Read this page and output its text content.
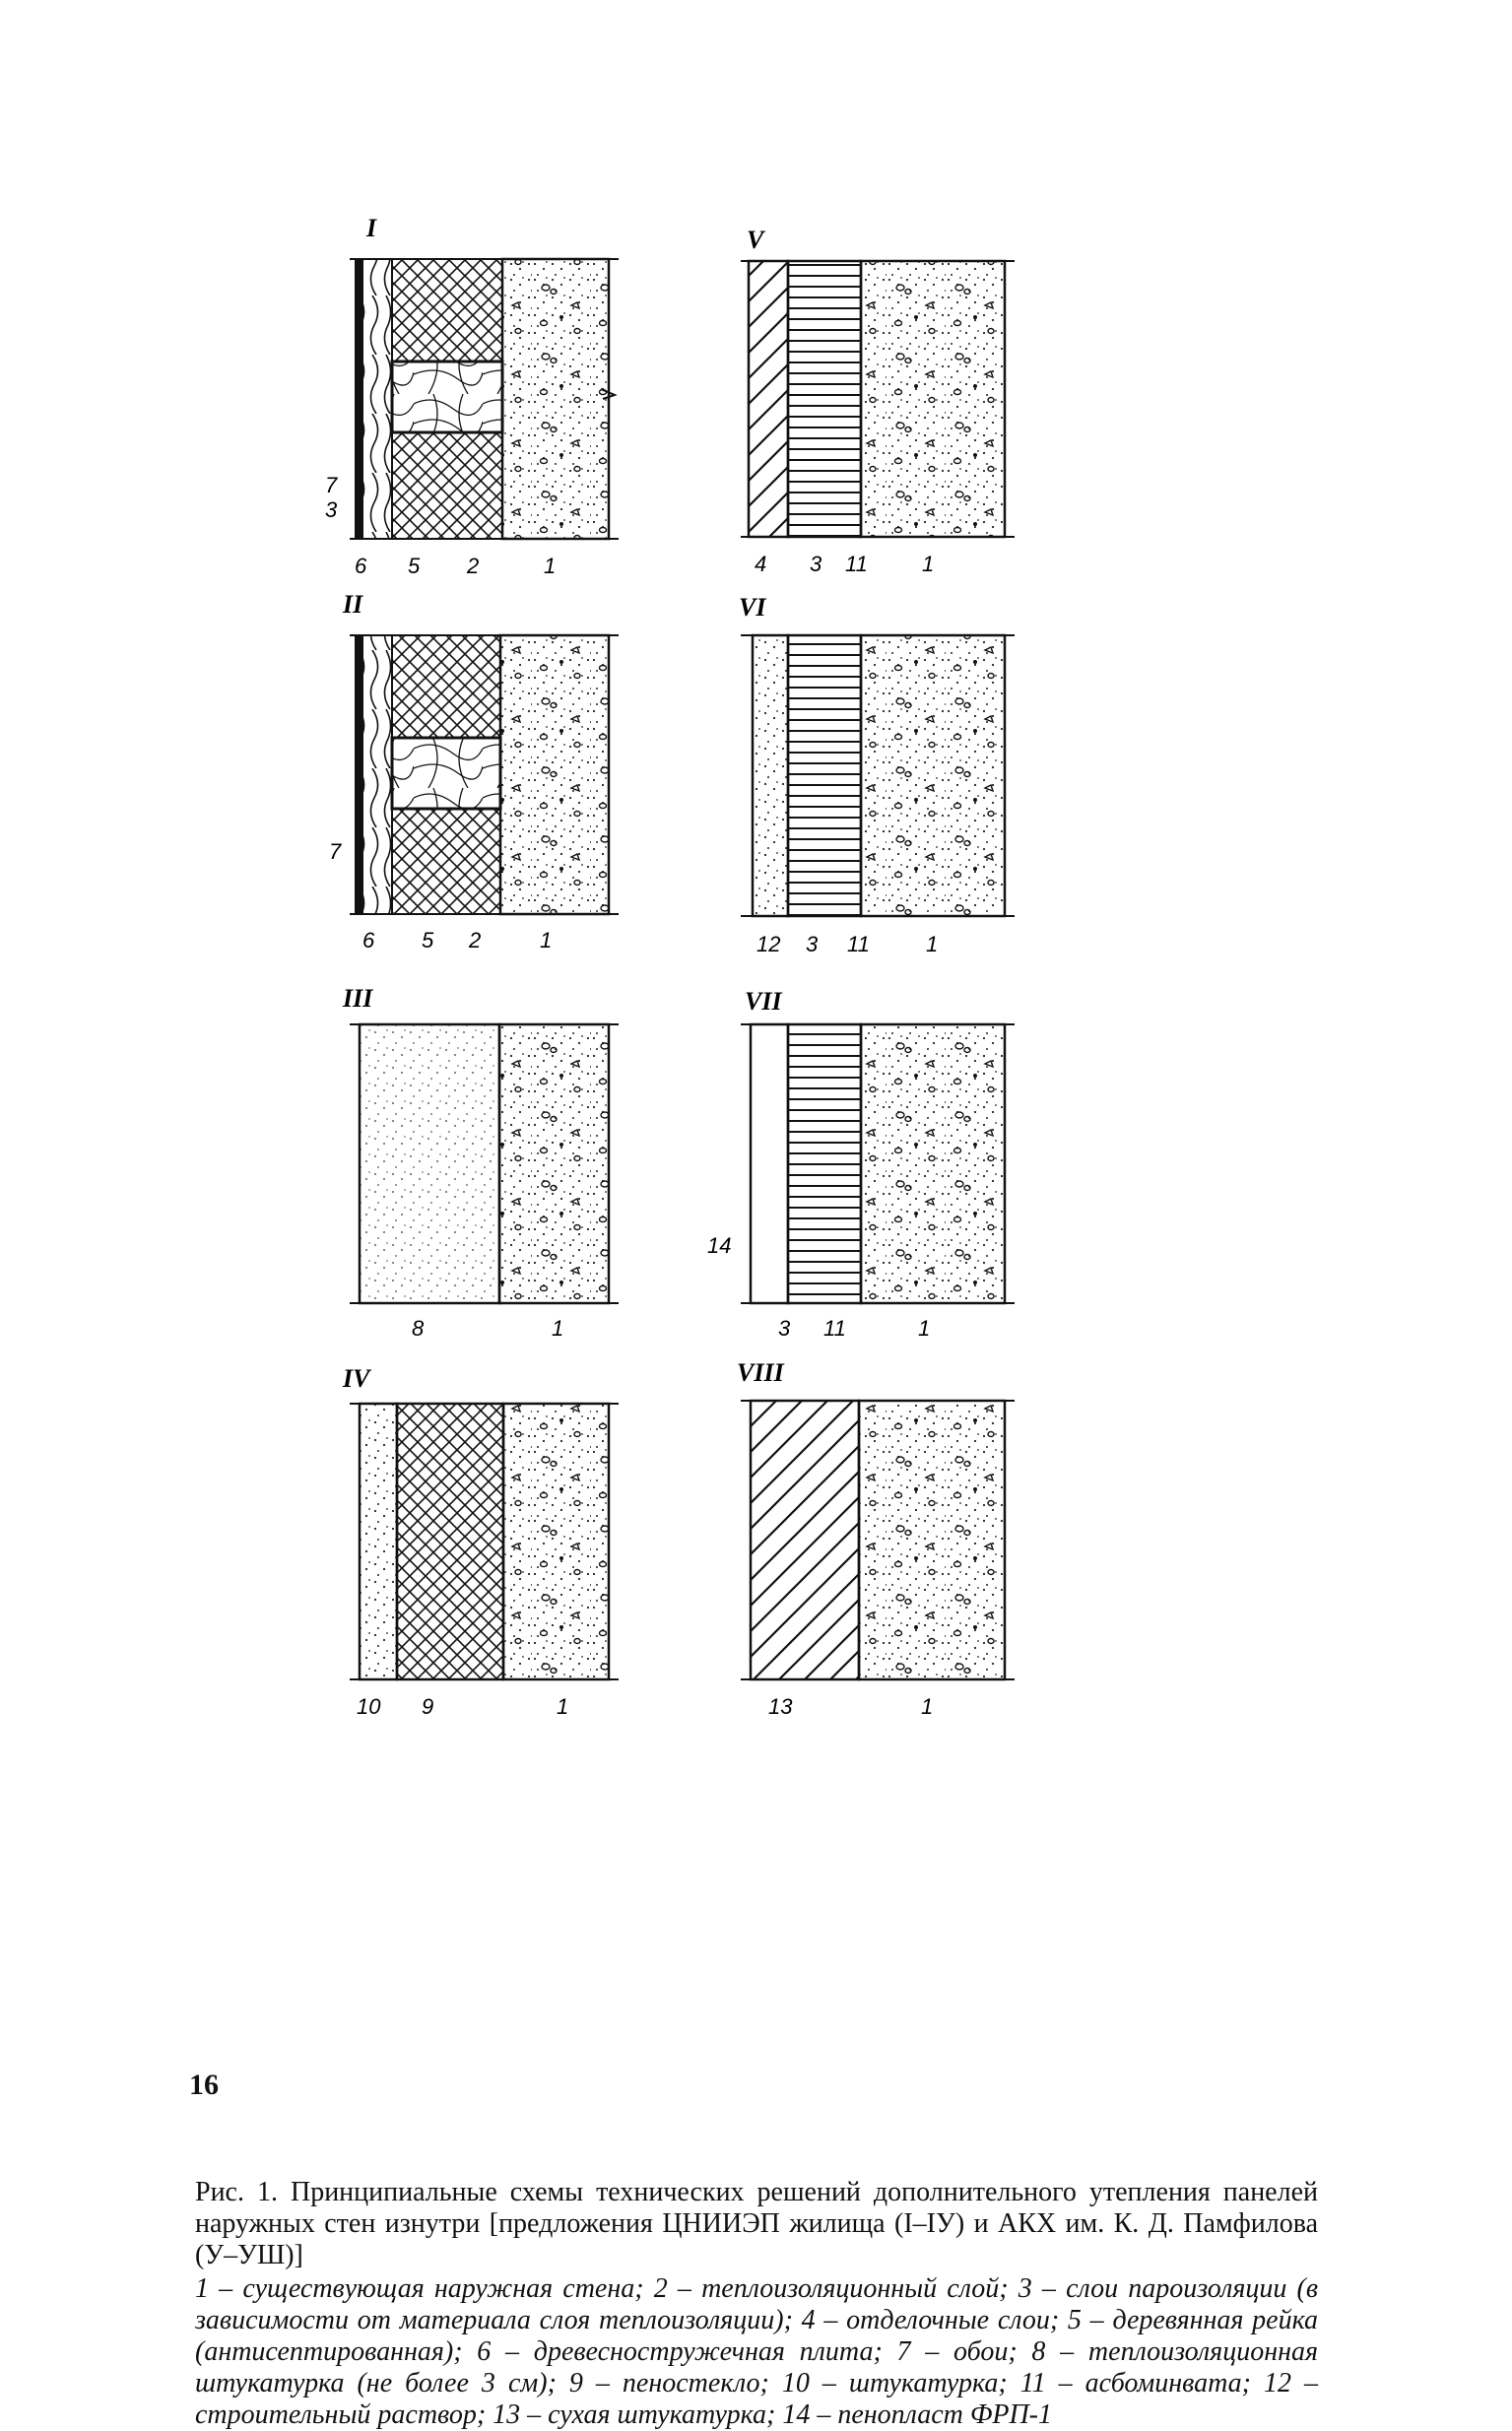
I
7
3
6 5 2	1
II
7
6 5 2	1
III
8	1
IV
10 9	1
V
4 3 11	1
VI
12 3 11	1
VII
14
3 11	1
VIII
13	1
Рис. 1. Принципиальные схемы технических решений дополнительного утепления панелей наружных стен изнутри [предложения ЦНИИЭП жилища (I–IУ) и АКХ им. К. Д. Памфилова (У–УШ)]
1 – существующая наружная стена; 2 – теплоизоляционный слой; 3 – слои пароизоляции (в зависимости от материала слоя теплоизоляции); 4 – отделочные слои; 5 – деревянная рейка (антисептированная); 6 – древесностружечная плита; 7 – обои; 8 – теплоизоляционная штукатурка (не более 3 см); 9 – пеностекло; 10 – штукатурка; 11 – асбоминвата; 12 – строительный раствор; 13 – сухая штукатурка; 14 – пенопласт ФРП-1
16
